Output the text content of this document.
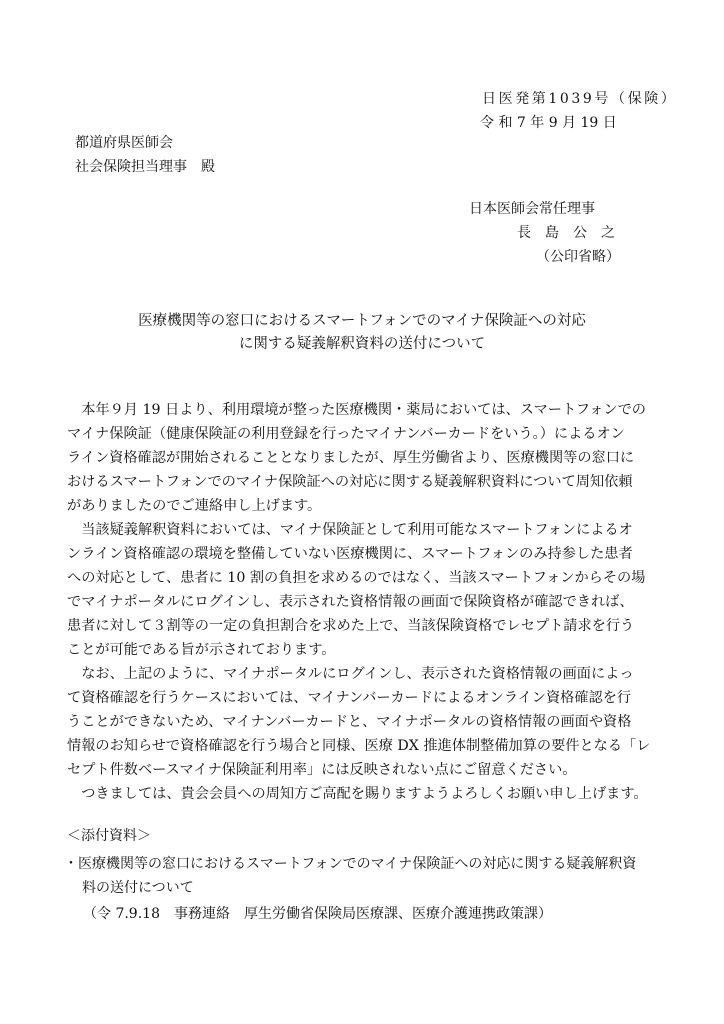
日医発第1039号（保険）
令 和 7 年 9 月 19 日
都道府県医師会
社会保険担当理事　殿
日本医師会常任理事
長　島　公　之
（公印省略）
医療機関等の窓口におけるスマートフォンでのマイナ保険証への対応
に関する疑義解釈資料の送付について
　本年９月 19 日より、利用環境が整った医療機関・薬局においては、スマートフォンでの
マイナ保険証（健康保険証の利用登録を行ったマイナンバーカードをいう。）によるオン
ライン資格確認が開始されることとなりましたが、厚生労働省より、医療機関等の窓口に
おけるスマートフォンでのマイナ保険証への対応に関する疑義解釈資料について周知依頼
がありましたのでご連絡申し上げます。
　当該疑義解釈資料においては、マイナ保険証として利用可能なスマートフォンによるオ
ンライン資格確認の環境を整備していない医療機関に、スマートフォンのみ持参した患者
への対応として、患者に 10 割の負担を求めるのではなく、当該スマートフォンからその場
でマイナポータルにログインし、表示された資格情報の画面で保険資格が確認できれば、
患者に対して３割等の一定の負担割合を求めた上で、当該保険資格でレセプト請求を行う
ことが可能である旨が示されております。
　なお、上記のように、マイナポータルにログインし、表示された資格情報の画面によっ
て資格確認を行うケースにおいては、マイナンバーカードによるオンライン資格確認を行
うことができないため、マイナンバーカードと、マイナポータルの資格情報の画面や資格
情報のお知らせで資格確認を行う場合と同様、医療 DX 推進体制整備加算の要件となる「レ
セプト件数ベースマイナ保険証利用率」には反映されない点にご留意ください。
　つきましては、貴会会員への周知方ご高配を賜りますようよろしくお願い申し上げます。
＜添付資料＞
・医療機関等の窓口におけるスマートフォンでのマイナ保険証への対応に関する疑義解釈資
料の送付について
（令 7.9.18　事務連絡　厚生労働省保険局医療課、医療介護連携政策課）
